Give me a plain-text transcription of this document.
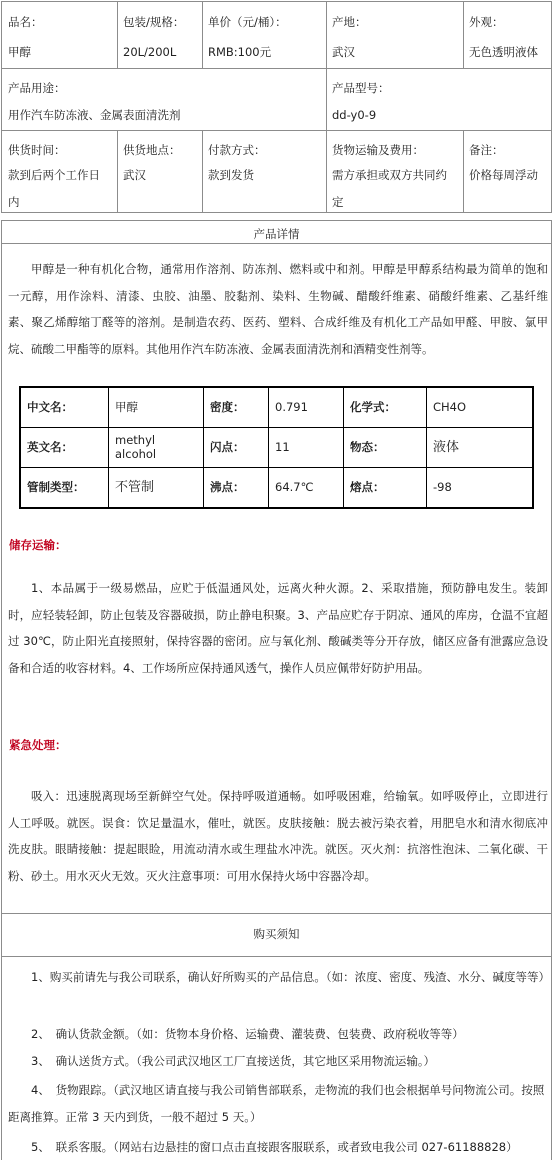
品名：
甲醇
包装/规格：
20L/200L
单价（元/桶）：
RMB:100元
产地：
武汉
外观：
无色透明液体
产品用途：
用作汽车防冻液、金属表面清洗剂
产品型号：
dd-y0-9
供货时间：
款到后两个工作日
内
供货地点：
武汉
付款方式：
款到发货
货物运输及费用：
需方承担或双方共同约
定
备注：
价格每周浮动
产品详情
甲醇是一种有机化合物，通常用作溶剂、防冻剂、燃料或中和剂。甲醇是甲醇系结构最为简单的饱和一元醇，用作涂料、清漆、虫胶、油墨、胶黏剂、染料、生物碱、醋酸纤维素、硝酸纤维素、乙基纤维素、聚乙烯醇缩丁醛等的溶剂。是制造农药、医药、塑料、合成纤维及有机化工产品如甲醛、甲胺、氯甲烷、硫酸二甲酯等的原料。其他用作汽车防冻液、金属表面清洗剂和酒精变性剂等。
中文名：	甲醇	密度：	0.791	化学式：	CH4O
英文名：	methyl alcohol	闪点：	11	物态：	液体
管制类型：	不管制	沸点：	64.7℃	熔点：	-98
储存运输：
1、本品属于一级易燃品，应贮于低温通风处，远离火种火源。2、采取措施，预防静电发生。装卸时，应轻装轻卸，防止包装及容器破损，防止静电积聚。3、产品应贮存于阴凉、通风的库房，仓温不宜超过 30℃，防止阳光直接照射，保持容器的密闭。应与氧化剂、酸碱类等分开存放，储区应备有泄露应急设备和合适的收容材料。4、工作场所应保持通风透气，操作人员应佩带好防护用品。
紧急处理：
吸入：迅速脱离现场至新鲜空气处。保持呼吸道通畅。如呼吸困难，给输氧。如呼吸停止，立即进行人工呼吸。就医。误食：饮足量温水，催吐，就医。皮肤接触：脱去被污染衣着，用肥皂水和清水彻底冲洗皮肤。眼睛接触：提起眼睑，用流动清水或生理盐水冲洗。就医。灭火剂：抗溶性泡沫、二氧化碳、干粉、砂土。用水灭火无效。灭火注意事项：可用水保持火场中容器冷却。
购买须知
1、购买前请先与我公司联系，确认好所购买的产品信息。（如：浓度、密度、残渣、水分、碱度等等）
2、　确认货款金额。（如：货物本身价格、运输费、灌装费、包装费、政府税收等等）
3、　确认送货方式。（我公司武汉地区工厂直接送货，其它地区采用物流运输。）
4、　货物跟踪。（武汉地区请直接与我公司销售部联系，走物流的我们也会根据单号问物流公司。按照距离推算。正常 3 天内到货，一般不超过 5 天。）
5、　联系客服。（网站右边悬挂的窗口点击直接跟客服联系，或者致电我公司 027-61188828）
